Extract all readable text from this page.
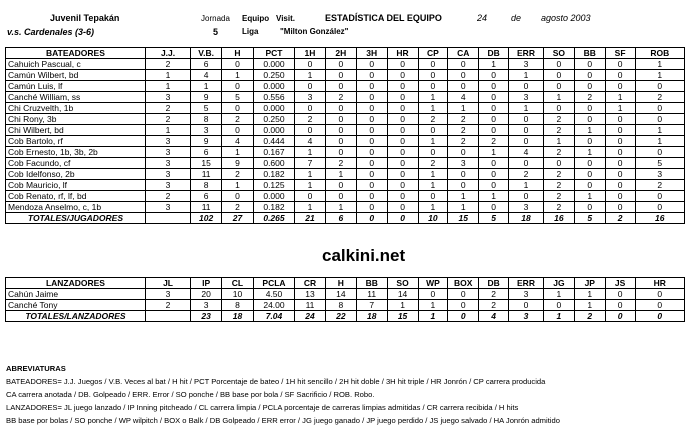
Juvenil Tepakán
v.s. Cardenales (3-6)
Jornada
5
Equipo Visit.
Liga	"Milton González"
ESTADÍSTICA DEL EQUIPO	24	de agosto 2003
BATEADORES	J.J.	V.B.	H	PCT	1H	2H	3H	HR	CP	CA	DB	ERR	SO	BB	SF	ROB
Cahuich Pascual, c	2	6	0	0.000	0	0	0	0	0	0	1	3	0	0	0	1
Camún Wilbert, bd	1	4	1	0.250	1	0	0	0	0	0	0	1	0	0	0	1
Camún Luis, lf	1	1	0	0.000	0	0	0	0	0	0	0	0	0	0	0	0
Canché William, ss	3	9	5	0.556	3	2	0	0	1	4	0	3	1	2	1	2
Chi Cruzvelth, 1b	2	5	0	0.000	0	0	0	0	1	1	0	1	0	0	1	0
Chi Rony, 3b	2	8	2	0.250	2	0	0	0	2	2	0	0	2	0	0	0
Chi Wilbert, bd	1	3	0	0.000	0	0	0	0	0	2	0	0	2	1	0	1
Cob Bartolo, rf	3	9	4	0.444	4	0	0	0	1	2	2	0	1	0	0	1
Cob Ernesto, 1b, 3b, 2b	3	6	1	0.167	1	0	0	0	0	0	1	4	2	1	0	0
Cob Facundo, cf	3	15	9	0.600	7	2	0	0	2	3	0	0	0	0	0	5
Cob Idelfonso, 2b	3	11	2	0.182	1	1	0	0	1	0	0	2	2	0	0	3
Cob Mauricio, lf	3	8	1	0.125	1	0	0	0	1	0	0	1	2	0	0	2
Cob Renato, rf, lf, bd	2	6	0	0.000	0	0	0	0	0	1	1	0	2	1	0	0
Mendoza Anselmo, c, 1b	3	11	2	0.182	1	1	0	0	1	1	0	3	2	0	0	0
TOTALES/JUGADORES		102	27	0.265	21	6	0	0	10	15	5	18	16	5	2	16
calkini.net
LANZADORES	JL	IP	CL	PCLA	CR	H	BB	SO	WP	BOX	DB	ERR	JG	JP	JS	HR
Cahún Jaime	3	20	10	4.50	13	14	11	14	0	0	2	3	1	1	0	0
Canché Tony	2	3	8	24.00	11	8	7	1	1	0	2	0	0	1	0	0
TOTALES/LANZADORES		23	18	7.04	24	22	18	15	1	0	4	3	1	2	0	0
ABREVIATURAS
BATEADORES= J.J. Juegos / V.B. Veces al bat / H hit / PCT Porcentaje de bateo / 1H hit sencillo / 2H hit doble / 3H hit triple / HR Jonrón / CP carrera producida
CA carrera anotada / DB. Golpeado / ERR. Error / SO ponche / BB base por bola / SF Sacrificio / ROB. Robo.
LANZADORES= JL juego lanzado / IP Inning pitcheado / CL carrera limpia / PCLA porcentaje de carreras limpias admitidas / CR carrera recibida / H hits
BB base por bolas / SO ponche / WP wilpitch / BOX o Balk / DB Golpeado / ERR error / JG juego ganado / JP juego perdido / JS juego salvado / HA Jonrón admitido
